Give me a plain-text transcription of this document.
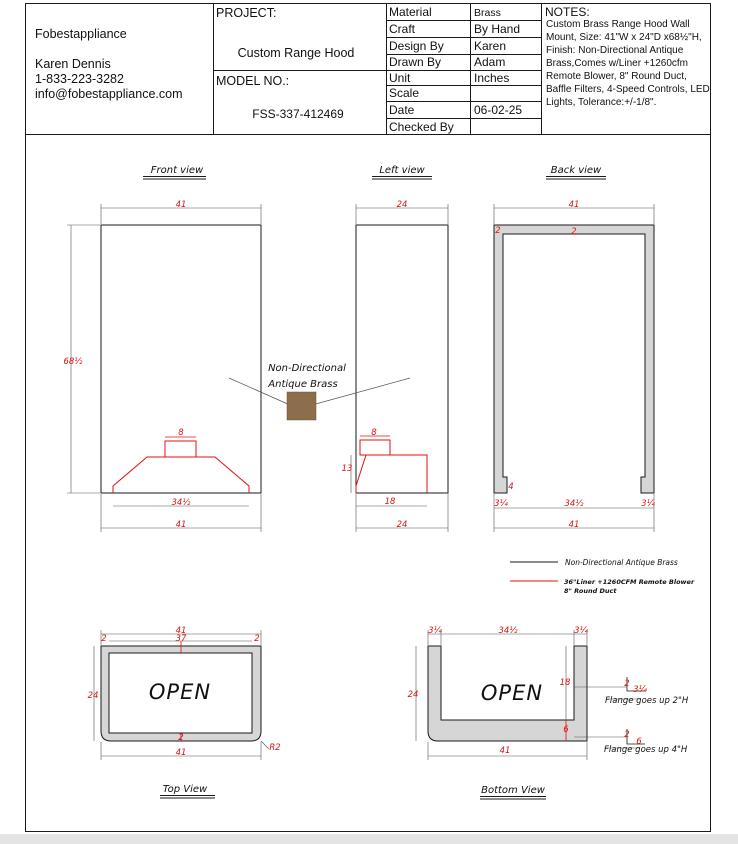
Fobestappliance
Karen Dennis
1-833-223-3282
info@fobestappliance.com
PROJECT:
Custom Range Hood
MODEL NO.:
FSS-337-412469
Material	Brass
Craft	By Hand
Design By	Karen
Drawn By	Adam
Unit	Inches
Scale
Date	06-02-25
Checked By
NOTES:
Front view	Left view	Back view
Top View	Bottom View
41
68½
8
34½
41
24
8
13
18
24
Non-Directional
Antique Brass
41
2	2
4
3¼	34½	3¼
41
Non-Directional Antique Brass
36"Liner +1260CFM Remote Blower
8" Round Duct
OPEN
41
37
2	2
24
2
41	R2
OPEN
3¼	34½	3¼
24
18
6
41
2
3¼
2
6
Flange goes up 2"H
Flange goes up 4"H
Custom Brass Range Hood Wall Mount, Size: 41"W x 24"D x68½"H, Finish: Non-Directional Antique Brass,Comes w/Liner +1260cfm Remote Blower, 8" Round Duct, Baffle Filters, 4-Speed Controls, LED Lights, Tolerance:+/-1/8".
